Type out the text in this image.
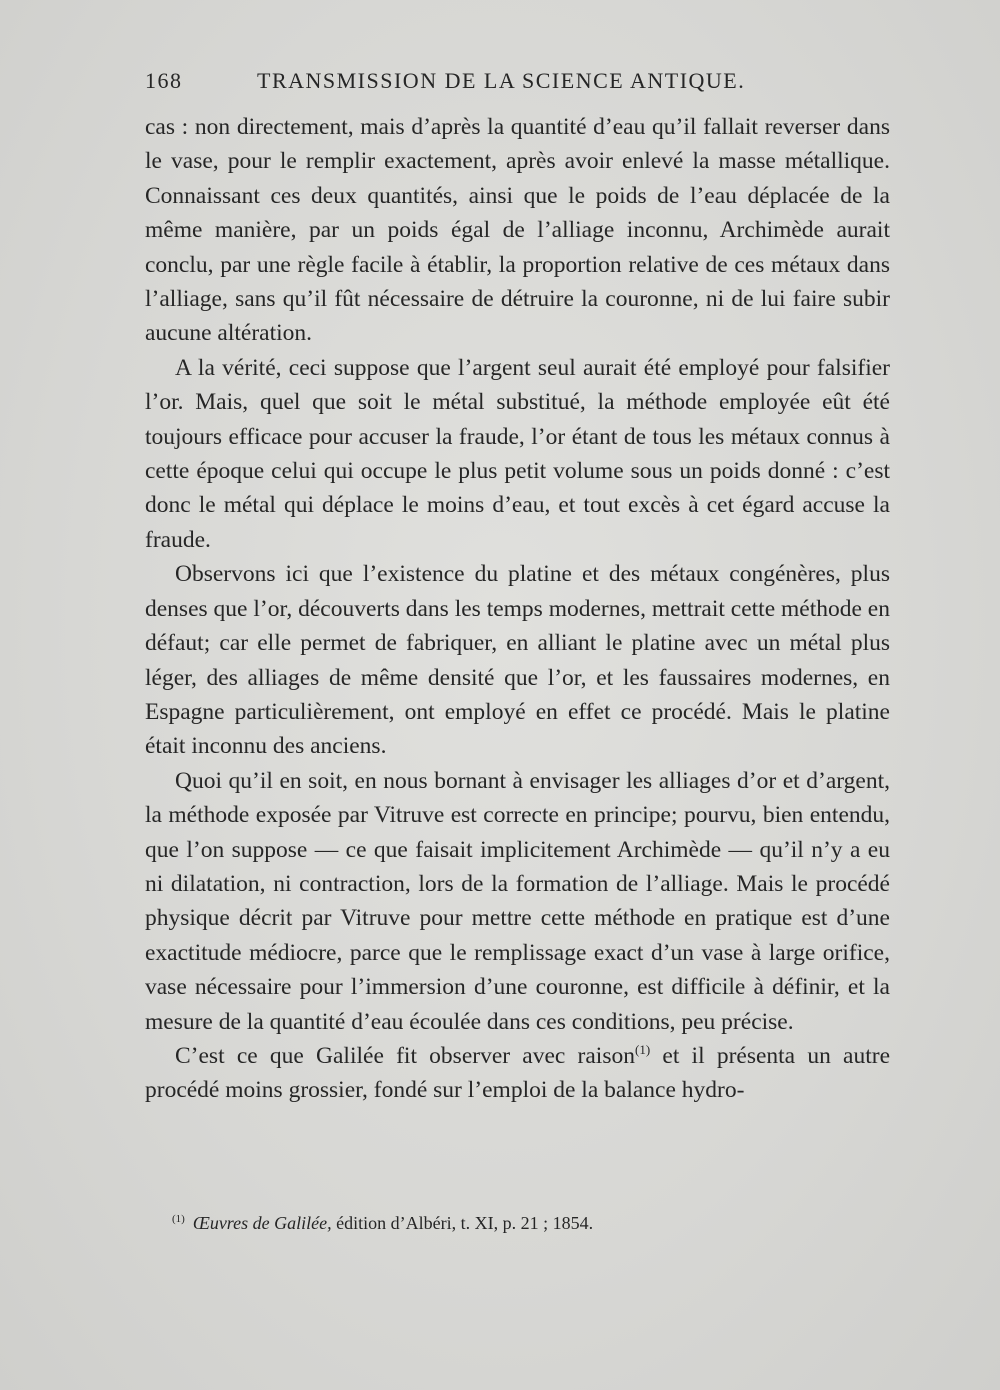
168	TRANSMISSION DE LA SCIENCE ANTIQUE.

cas : non directement, mais d’après la quantité d’eau qu’il fallait reverser dans le vase, pour le remplir exactement, après avoir enlevé la masse métallique. Connaissant ces deux quantités, ainsi que le poids de l’eau déplacée de la même manière, par un poids égal de l’alliage inconnu, Archimède aurait conclu, par une règle facile à établir, la proportion relative de ces métaux dans l’alliage, sans qu’il fût nécessaire de détruire la couronne, ni de lui faire subir aucune altération.

A la vérité, ceci suppose que l’argent seul aurait été employé pour falsifier l’or. Mais, quel que soit le métal substitué, la méthode employée eût été toujours efficace pour accuser la fraude, l’or étant de tous les métaux connus à cette époque celui qui occupe le plus petit volume sous un poids donné : c’est donc le métal qui déplace le moins d’eau, et tout excès à cet égard accuse la fraude.

Observons ici que l’existence du platine et des métaux congénères, plus denses que l’or, découverts dans les temps modernes, mettrait cette méthode en défaut; car elle permet de fabriquer, en alliant le platine avec un métal plus léger, des alliages de même densité que l’or, et les faussaires modernes, en Espagne particulièrement, ont employé en effet ce procédé. Mais le platine était inconnu des anciens.

Quoi qu’il en soit, en nous bornant à envisager les alliages d’or et d’argent, la méthode exposée par Vitruve est correcte en principe; pourvu, bien entendu, que l’on suppose — ce que faisait implicitement Archimède — qu’il n’y a eu ni dilatation, ni contraction, lors de la formation de l’alliage. Mais le procédé physique décrit par Vitruve pour mettre cette méthode en pratique est d’une exactitude médiocre, parce que le remplissage exact d’un vase à large orifice, vase nécessaire pour l’immersion d’une couronne, est difficile à définir, et la mesure de la quantité d’eau écoulée dans ces conditions, peu précise.

C’est ce que Galilée fit observer avec raison$^{(1)}$ et il présenta un autre procédé moins grossier, fondé sur l’emploi de la balance hydro-

$^{(1)}$ Œuvres de Galilée, édition d’Albéri, t. XI, p. 21 ; 1854.
